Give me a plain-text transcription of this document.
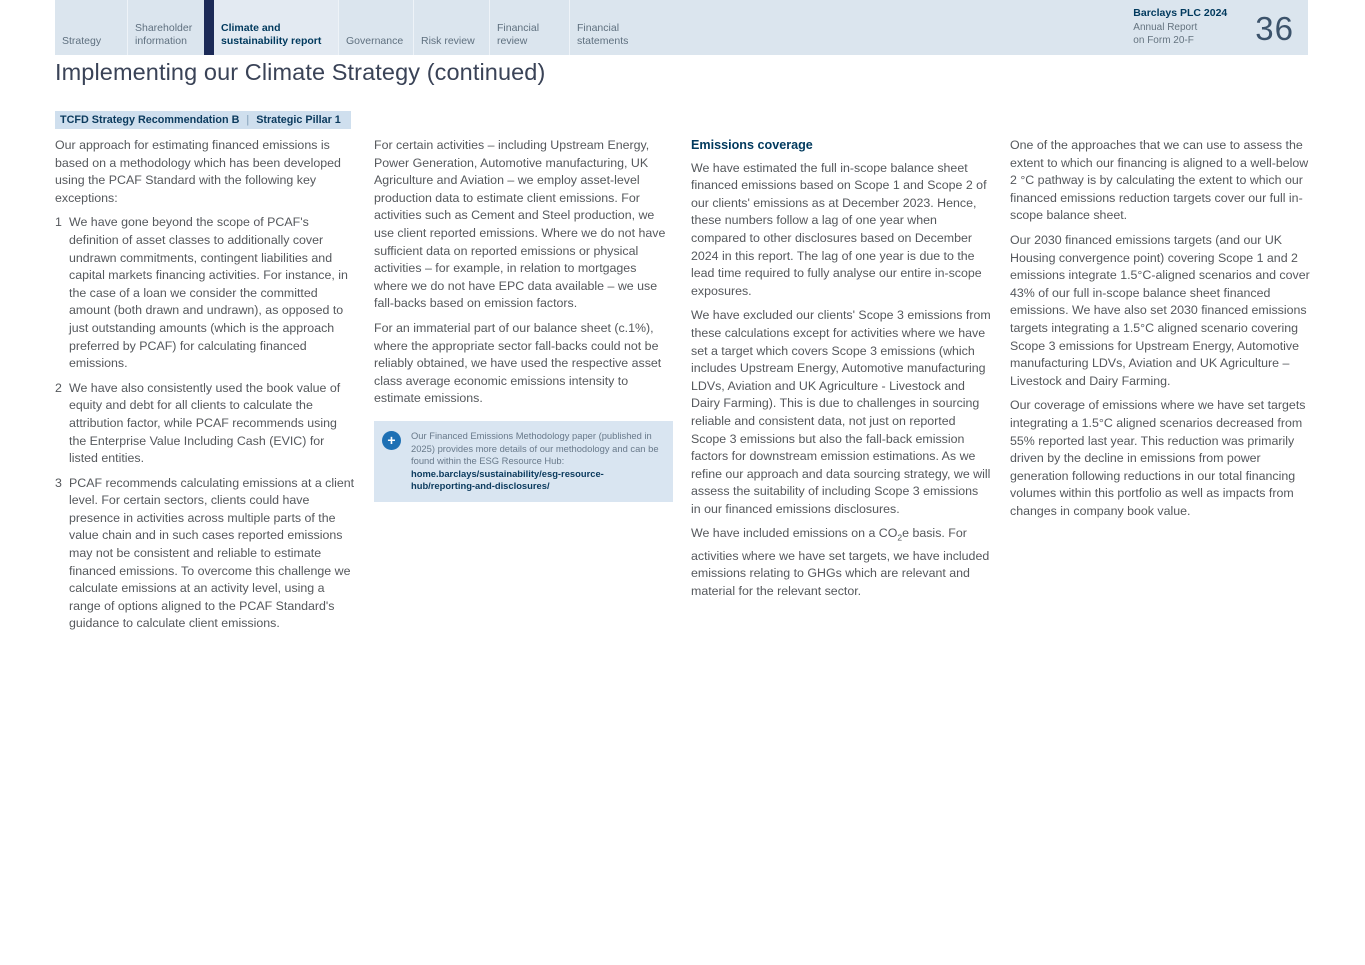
Strategy
Shareholder information
Climate and sustainability report	Governance Risk review
Financial review
Financial statements
Barclays PLC 2024
Annual Report
on Form 20-F	36
Implementing our Climate Strategy (continued)
TCFD Strategy Recommendation B | Strategic Pillar 1

Our approach for estimating financed emissions is based on a methodology which has been developed using the PCAF Standard with the following key exceptions:

1 We have gone beyond the scope of PCAF's definition of asset classes to additionally cover undrawn commitments, contingent liabilities and capital markets financing activities. For instance, in the case of a loan we consider the committed amount (both drawn and undrawn), as opposed to just outstanding amounts (which is the approach preferred by PCAF) for calculating financed emissions.
2 We have also consistently used the book value of equity and debt for all clients to calculate the attribution factor, while PCAF recommends using the Enterprise Value Including Cash (EVIC) for listed entities.
3 PCAF recommends calculating emissions at a client level. For certain sectors, clients could have presence in activities across multiple parts of the value chain and in such cases reported emissions may not be consistent and reliable to estimate financed emissions. To overcome this challenge we calculate emissions at an activity level, using a range of options aligned to the PCAF Standard's guidance to calculate client emissions.

For certain activities – including Upstream Energy, Power Generation, Automotive manufacturing, UK Agriculture and Aviation – we employ asset-level production data to estimate client emissions. For activities such as Cement and Steel production, we use client reported emissions. Where we do not have sufficient data on reported emissions or physical activities – for example, in relation to mortgages where we do not have EPC data available – we use fall-backs based on emission factors.

For an immaterial part of our balance sheet (c.1%), where the appropriate sector fall-backs could not be reliably obtained, we have used the respective asset class average economic emissions intensity to estimate emissions.

+	Our Financed Emissions Methodology paper (published in 2025) provides more details of our methodology and can be found within the ESG Resource Hub: home.barclays/sustainability/esg-resource-hub/reporting-and-disclosures/
Emissions coverage

We have estimated the full in-scope balance sheet financed emissions based on Scope 1 and Scope 2 of our clients' emissions as at December 2023. Hence, these numbers follow a lag of one year when compared to other disclosures based on December 2024 in this report. The lag of one year is due to the lead time required to fully analyse our entire in-scope exposures.

We have excluded our clients' Scope 3 emissions from these calculations except for activities where we have set a target which covers Scope 3 emissions (which includes Upstream Energy, Automotive manufacturing LDVs, Aviation and UK Agriculture - Livestock and Dairy Farming). This is due to challenges in sourcing reliable and consistent data, not just on reported Scope 3 emissions but also the fall-back emission factors for downstream emission estimations. As we refine our approach and data sourcing strategy, we will assess the suitability of including Scope 3 emissions in our financed emissions disclosures.

We have included emissions on a $CO_2e$ basis. For activities where we have set targets, we have included emissions relating to GHGs which are relevant and material for the relevant sector.

One of the approaches that we can use to assess the extent to which our financing is aligned to a well-below 2 °C pathway is by calculating the extent to which our financed emissions reduction targets cover our full in-scope balance sheet.

Our 2030 financed emissions targets (and our UK Housing convergence point) covering Scope 1 and 2 emissions integrate 1.5°C-aligned scenarios and cover 43% of our full in-scope balance sheet financed emissions. We have also set 2030 financed emissions targets integrating a 1.5°C aligned scenario covering Scope 3 emissions for Upstream Energy, Automotive manufacturing LDVs, Aviation and UK Agriculture – Livestock and Dairy Farming.

Our coverage of emissions where we have set targets integrating a 1.5°C aligned scenarios decreased from 55% reported last year. This reduction was primarily driven by the decline in emissions from power generation following reductions in our total financing volumes within this portfolio as well as impacts from changes in company book value.
